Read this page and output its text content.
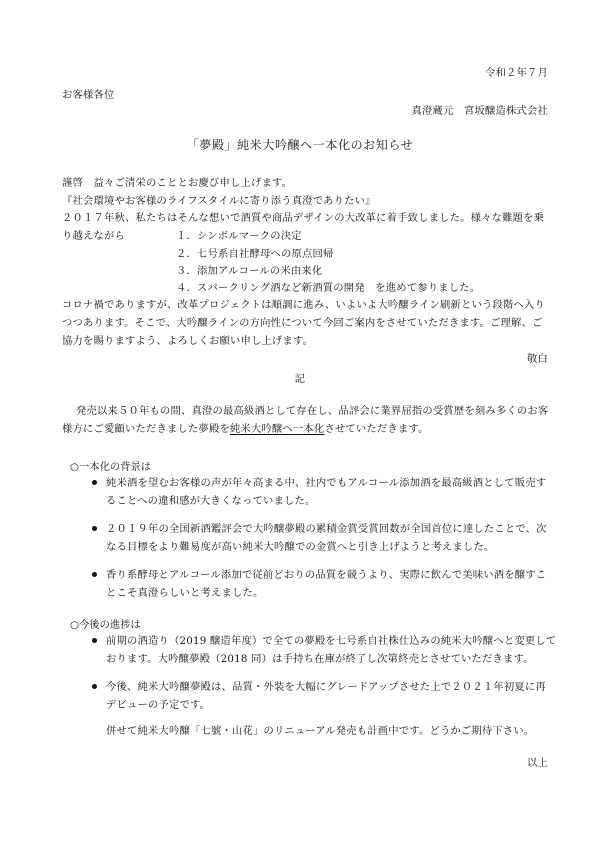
令和２年７月
お客様各位
真澄蔵元　宮坂醸造株式会社
「夢殿」純米大吟醸へ一本化のお知らせ
謹啓　益々ご清栄のこととお慶び申し上げます。
『社会環境やお客様のライフスタイルに寄り添う真澄でありたい』
２０１７年秋、私たちはそんな想いで酒質や商品デザインの大改革に着手致しました。様々な難題を乗
り越えながら	１．シンボルマークの決定
２．七号系自社酵母への原点回帰
３．添加アルコールの米由来化
４．スパークリング酒など新酒質の開発　を進めて参りました。
コロナ禍でありますが、改革プロジェクトは順調に進み、いよいよ大吟醸ライン刷新という段階へ入り
つつあります。そこで、大吟醸ラインの方向性について今回ご案内をさせていただきます。ご理解、ご
協力を賜りますよう、よろしくお願い申し上げます。
敬白
記
発売以来５０年もの間、真澄の最高級酒として存在し、品評会に業界屈指の受賞歴を刻み多くのお客
様方にご愛顧いただきました夢殿を純米大吟醸へ一本化させていただきます。
○一本化の背景は
純米酒を望むお客様の声が年々高まる中、社内でもアルコール添加酒を最高級酒として販売す
ることへの違和感が大きくなっていました。
２０１９年の全国新酒鑑評会で大吟醸夢殿の累積金賞受賞回数が全国首位に達したことで、次
なる目標をより難易度が高い純米大吟醸での金賞へと引き上げようと考えました。
香り系酵母とアルコール添加で従前どおりの品質を競うより、実際に飲んで美味い酒を醸すこ
とこそ真澄らしいと考えました。
○今後の進捗は
前期の酒造り（2019 醸造年度）で全ての夢殿を七号系自社株仕込みの純米大吟醸へと変更して
おります。大吟醸夢殿（2018 同）は手持ち在庫が終了し次第終売とさせていただきます。
今後、純米大吟醸夢殿は、品質・外装を大幅にグレードアップさせた上で２０２１年初夏に再
デビューの予定です。
併せて純米大吟醸「七號・山花」のリニューアル発売も計画中です。どうかご期待下さい。
以上
